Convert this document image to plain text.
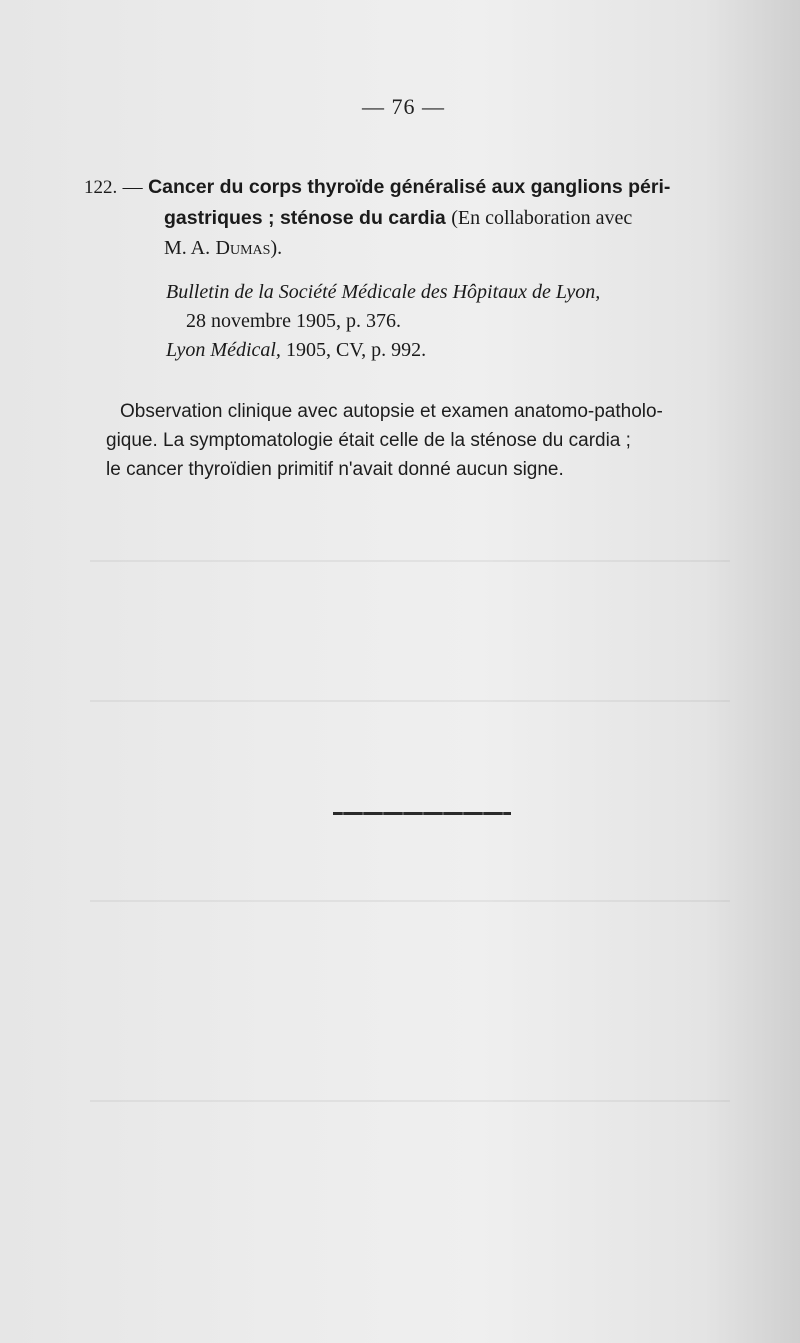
— 76 —

122. — Cancer du corps thyroïde généralisé aux ganglions péri-
gastriques ; sténose du cardia (En collaboration avec
M. A. Dumas).

Bulletin de la Société Médicale des Hôpitaux de Lyon,
28 novembre 1905, p. 376.
Lyon Médical, 1905, CV, p. 992.
Observation clinique avec autopsie et examen anatomo-patholo-
gique. La symptomatologie était celle de la sténose du cardia ;
le cancer thyroïdien primitif n'avait donné aucun signe.
